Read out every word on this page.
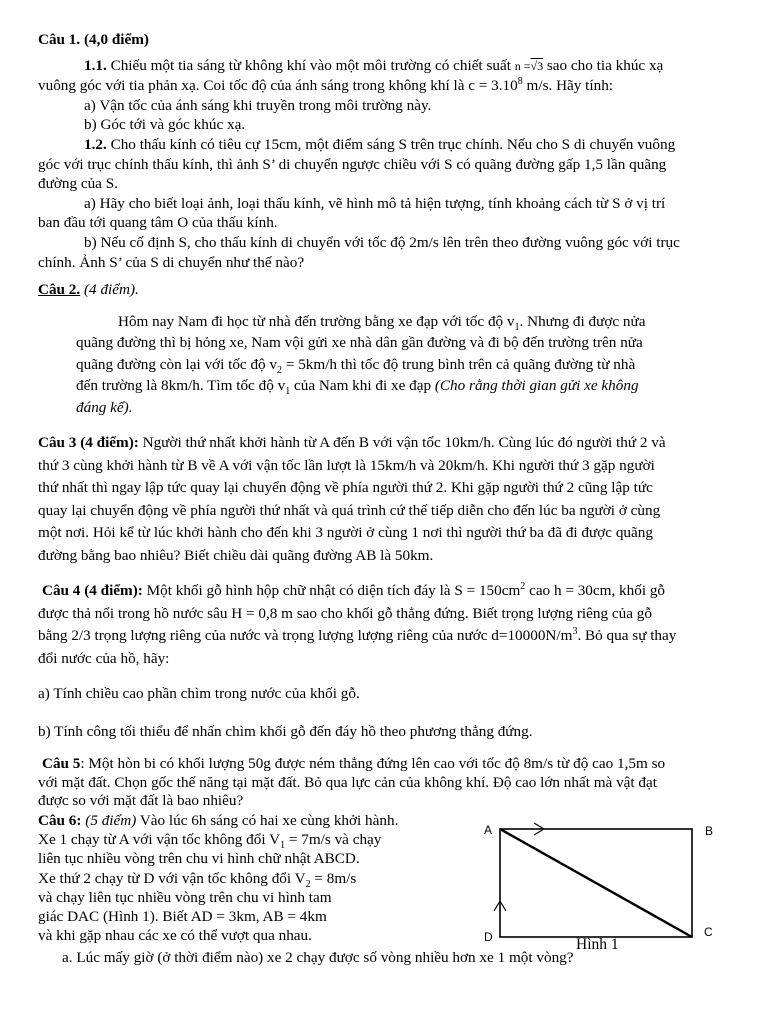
Câu 1. (4,0 điểm)
1.1. Chiếu một tia sáng từ không khí vào một môi trường có chiết suất n =√3 sao cho tia khúc xạ
vuông góc với tia phản xạ. Coi tốc độ của ánh sáng trong không khí là $c = 3.10^8$ m/s. Hãy tính:
a) Vận tốc của ánh sáng khi truyền trong môi trường này.
b) Góc tới và góc khúc xạ.
1.2. Cho thấu kính có tiêu cự 15cm, một điểm sáng S trên trục chính. Nếu cho S di chuyển vuông
góc với trục chính thấu kính, thì ảnh S’ di chuyển ngược chiều với S có quãng đường gấp 1,5 lần quãng
đường của S.
a) Hãy cho biết loại ảnh, loại thấu kính, vẽ hình mô tả hiện tượng, tính khoảng cách từ S ở vị trí
ban đầu tới quang tâm O của thấu kính.
b) Nếu cố định S, cho thấu kính di chuyển với tốc độ 2m/s lên trên theo đường vuông góc với trục
chính. Ảnh S’ của S di chuyển như thế nào?
Câu 2. (4 điểm).
Hôm nay Nam đi học từ nhà đến trường bằng xe đạp với tốc độ $v_1$. Nhưng đi được nửa
quãng đường thì bị hỏng xe, Nam vội gửi xe nhà dân gần đường và đi bộ đến trường trên nửa
quãng đường còn lại với tốc độ $v_2 = 5km/h$ thì tốc độ trung bình trên cả quãng đường từ nhà
đến trường là 8km/h. Tìm tốc độ $v_1$ của Nam khi đi xe đạp (Cho rằng thời gian gửi xe không
đáng kể).
Câu 3 (4 điểm): Người thứ nhất khởi hành từ A đến B với vận tốc 10km/h. Cùng lúc đó người thứ 2 và
thứ 3 cùng khởi hành từ B về A với vận tốc lần lượt là 15km/h và 20km/h. Khi người thứ 3 gặp người
thứ nhất thì ngay lập tức quay lại chuyển động về phía người thứ 2. Khi gặp người thứ 2 cũng lập tức
quay lại chuyển động về phía người thứ nhất và quá trình cứ thế tiếp diễn cho đến lúc ba người ở cùng
một nơi. Hỏi kể từ lúc khởi hành cho đến khi 3 người ở cùng 1 nơi thì người thứ ba đã đi được quãng
đường bằng bao nhiêu? Biết chiều dài quãng đường AB là 50km.
Câu 4 (4 điểm): Một khối gỗ hình hộp chữ nhật có diện tích đáy là $S = 150cm^2$ cao h = 30cm, khối gỗ
được thả nổi trong hồ nước sâu H = 0,8 m sao cho khối gỗ thẳng đứng. Biết trọng lượng riêng của gỗ
bằng 2/3 trọng lượng riêng của nước và trọng lượng lượng riêng của nước $d=10000N/m^3$. Bỏ qua sự thay
đổi nước của hồ, hãy:
a) Tính chiều cao phần chìm trong nước của khối gỗ.
b) Tính công tối thiểu để nhấn chìm khối gỗ đến đáy hồ theo phương thẳng đứng.
Câu 5: Một hòn bi có khối lượng 50g được ném thẳng đứng lên cao với tốc độ 8m/s từ độ cao 1,5m so
với mặt đất. Chọn gốc thế năng tại mặt đất. Bỏ qua lực cản của không khí. Độ cao lớn nhất mà vật đạt
được so với mặt đất là bao nhiêu?
Câu 6: (5 điểm) Vào lúc 6h sáng có hai xe cùng khởi hành.
Xe 1 chạy từ A với vận tốc không đổi $V_1 = 7m/s$ và chạy
liên tục nhiều vòng trên chu vi hình chữ nhật ABCD.
Xe thứ 2 chạy từ D với vận tốc không đổi $V_2 = 8m/s$
và chạy liên tục nhiều vòng trên chu vi hình tam
giác DAC (Hình 1). Biết AD = 3km, AB = 4km
và khi gặp nhau các xe có thể vượt qua nhau.
A	B
C
D	Hình 1
a. Lúc mấy giờ (ở thời điểm nào) xe 2 chạy được số vòng nhiều hơn xe 1 một vòng?
